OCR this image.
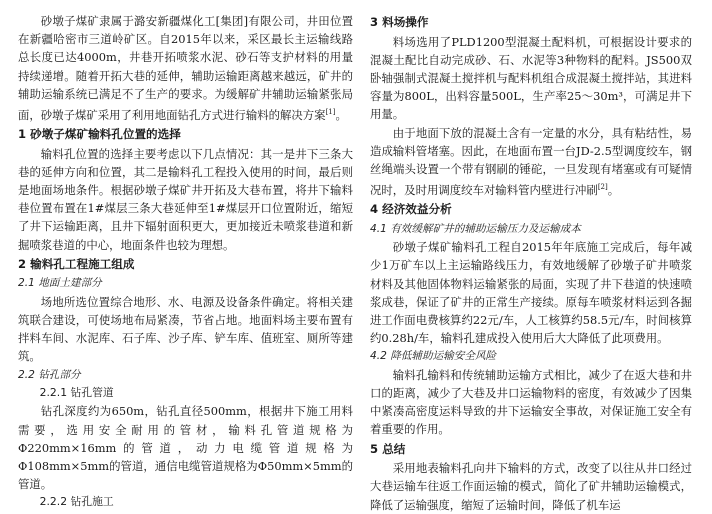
砂墩子煤矿隶属于潞安新疆煤化工[集团]有限公司，井田位置在新疆哈密市三道岭矿区。自2015年以来，采区最长主运输线路总长度已达4000m，井巷开拓喷浆水泥、砂石等支护材料的用量持续递增。随着开拓大巷的延伸，辅助运输距离越来越远，矿井的辅助运输系统已满足不了生产的要求。为缓解矿井辅助运输紧张局面，砂墩子煤矿采用了利用地面钻孔方式进行输料的解决方案[1]。

1 砂墩子煤矿输料孔位置的选择

输料孔位置的选择主要考虑以下几点情况：其一是井下三条大巷的延伸方向和位置，其二是输料孔工程投入使用的时间，最后则是地面场地条件。根据砂墩子煤矿井开拓及大巷布置，将井下输料巷位置布置在1#煤层三条大巷延伸至1#煤层开口位置附近，缩短了井下运输距离，且井下辐射面积更大，更加接近未喷浆巷道和新掘喷浆巷道的中心，地面条件也较为理想。

2 输料孔工程施工组成
2.1 地面土建部分

场地所选位置综合地形、水、电源及设备条件确定。将相关建筑联合建设，可使场地布局紧凑，节省占地。地面料场主要布置有拌料车间、水泥库、石子库、沙子库、铲车库、值班室、厕所等建筑。

2.2 钻孔部分
2.2.1 钻孔管道

钻孔深度约为650m，钻孔直径500mm，根据井下施工用料需要，选用安全耐用的管材，输料孔管道规格为Φ220mm×16mm的管道，动力电缆管道规格为Φ108mm×5mm的管道，通信电缆管道规格为Φ50mm×5mm的管道。

2.2.2 钻孔施工
3 料场操作

料场选用了PLD1200型混凝土配料机，可根据设计要求的混凝土配比自动完成砂、石、水泥等3种物料的配料。JS500双卧轴强制式混凝土搅拌机与配料机组合成混凝土搅拌站，其进料容量为800L，出料容量500L，生产率25～30m³，可满足井下用量。

由于地面下放的混凝土含有一定量的水分，具有粘结性，易造成输料管堵塞。因此，在地面布置一台JD-2.5型调度绞车，钢丝绳端头设置一个带有钢刷的锤砣，一旦发现有堵塞或有可疑情况时，及时用调度绞车对输料管内壁进行冲刷[2]。

4 经济效益分析
4.1 有效缓解矿井的辅助运输压力及运输成本

砂墩子煤矿输料孔工程自2015年年底施工完成后，每年减少1万矿车以上主运输路线压力，有效地缓解了砂墩子矿井喷浆材料及其他固体物料运输紧张的局面，实现了井下巷道的快速喷浆成巷，保证了矿井的正常生产接续。原每车喷浆材料运到各掘进工作面电费核算约22元/车，人工核算约58.5元/车，时间核算约0.28h/车，输料孔建成投入使用后大大降低了此项费用。

4.2 降低辅助运输安全风险

输料孔输料和传统辅助运输方式相比，减少了在返大巷和井口的距离，减少了大巷及井口运输物料的密度，有效减少了因集中紧凑高密度运料导致的井下运输安全事故，对保证施工安全有着重要的作用。

5 总结

采用地表输料孔向井下输料的方式，改变了以往从井口经过大巷运输车往返工作面运输的模式，简化了矿井辅助运输模式，降低了运输强度，缩短了运输时间，降低了机车运
